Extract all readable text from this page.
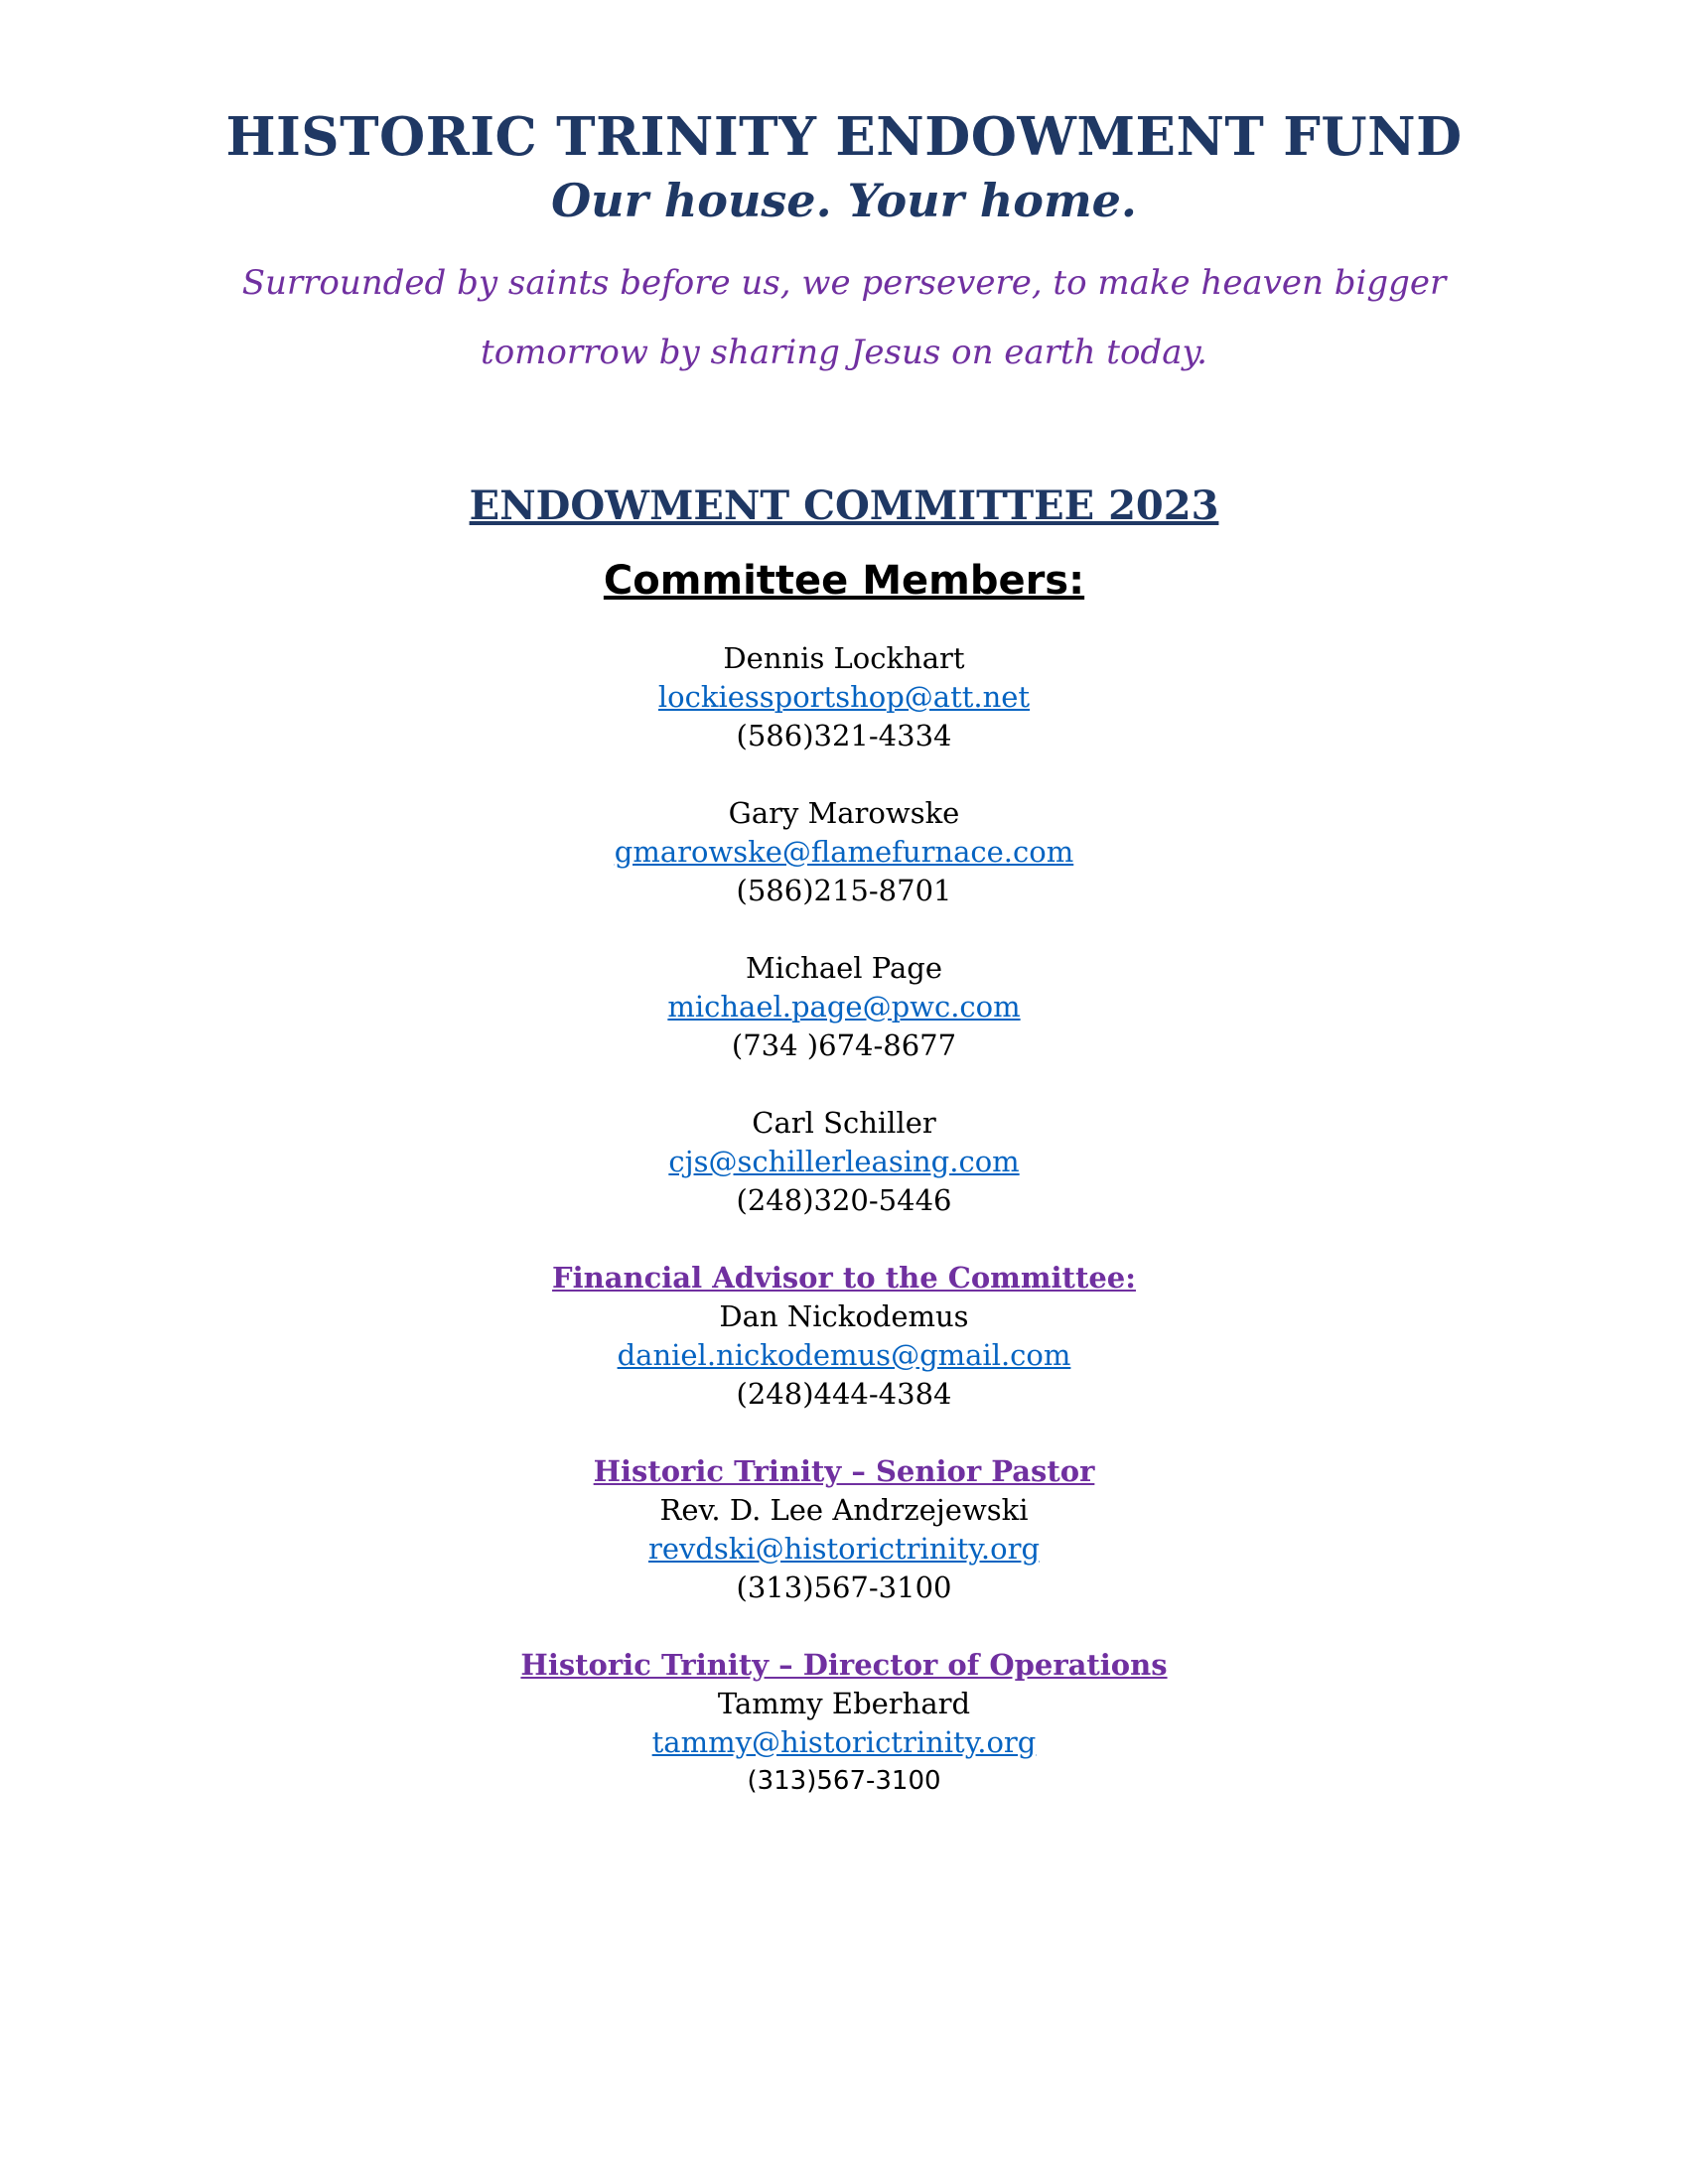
HISTORIC TRINITY ENDOWMENT FUND
Our house. Your home.
Surrounded by saints before us, we persevere, to make heaven bigger
tomorrow by sharing Jesus on earth today.
ENDOWMENT COMMITTEE 2023
Committee Members:
Dennis Lockhart
lockiessportshop@att.net
(586)321-4334
Gary Marowske
gmarowske@flamefurnace.com
(586)215-8701
Michael Page
michael.page@pwc.com
(734 )674-8677
Carl Schiller
cjs@schillerleasing.com
(248)320-5446
Financial Advisor to the Committee:
Dan Nickodemus
daniel.nickodemus@gmail.com
(248)444-4384
Historic Trinity – Senior Pastor
Rev. D. Lee Andrzejewski
revdski@historictrinity.org
(313)567-3100
Historic Trinity – Director of Operations
Tammy Eberhard
tammy@historictrinity.org
(313)567-3100
